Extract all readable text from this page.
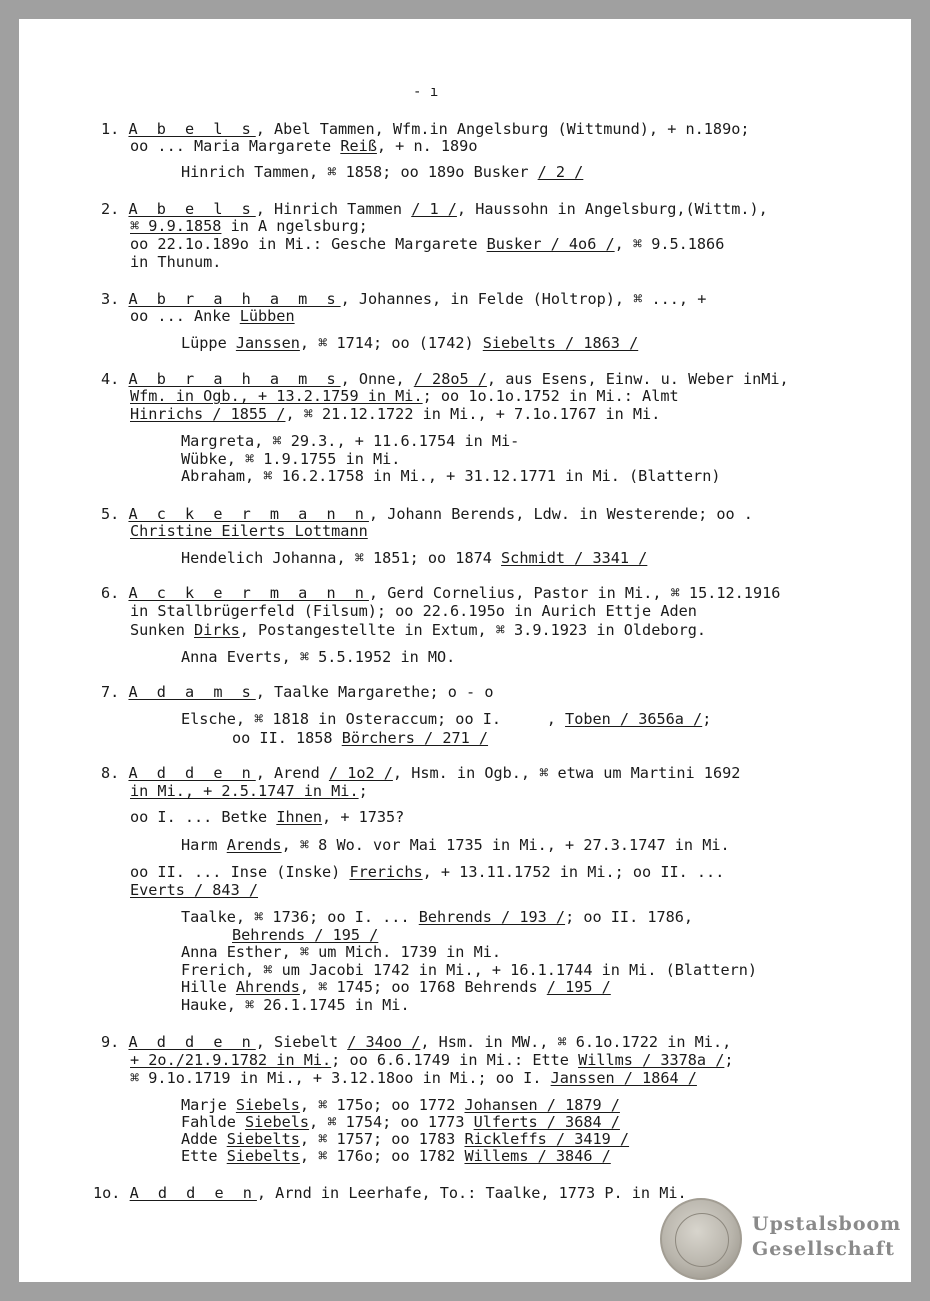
- ı
1. A b e l s, Abel Tammen, Wfm.in Angelsburg (Wittmund), + n.189o;
oo ... Maria Margarete Reiß, + n. 189o
Hinrich Tammen, ⌘ 1858; oo 189o Busker / 2 /
2. A b e l s, Hinrich Tammen / 1 /, Haussohn in Angelsburg,(Wittm.),
⌘ 9.9.1858 in A ngelsburg;
oo 22.1o.189o in Mi.: Gesche Margarete Busker / 4o6 /, ⌘ 9.5.1866
in Thunum.
3. A b r a h a m s, Johannes, in Felde (Holtrop), ⌘ ..., +
oo ... Anke Lübben
Lüppe Janssen, ⌘ 1714; oo (1742) Siebelts / 1863 /
4. A b r a h a m s, Onne, / 28o5 /, aus Esens, Einw. u. Weber inMi,
Wfm. in Ogb., + 13.2.1759 in Mi.; oo 1o.1o.1752 in Mi.: Almt
Hinrichs / 1855 /, ⌘ 21.12.1722 in Mi., + 7.1o.1767 in Mi.
Margreta, ⌘ 29.3., + 11.6.1754 in Mi-
Wübke, ⌘ 1.9.1755 in Mi.
Abraham, ⌘ 16.2.1758 in Mi., + 31.12.1771 in Mi. (Blattern)
5. A c k e r m a n n, Johann Berends, Ldw. in Westerende; oo .
Christine Eilerts Lottmann
Hendelich Johanna, ⌘ 1851; oo 1874 Schmidt / 3341 /
6. A c k e r m a n n, Gerd Cornelius, Pastor in Mi., ⌘ 15.12.1916
in Stallbrügerfeld (Filsum); oo 22.6.195o in Aurich Ettje Aden
Sunken Dirks, Postangestellte in Extum, ⌘ 3.9.1923 in Oldeborg.
Anna Everts, ⌘ 5.5.1952 in MO.
7. A d a m s, Taalke Margarethe; o - o
Elsche, ⌘ 1818 in Osteraccum; oo I.     , Toben / 3656a /;
oo II. 1858 Börchers / 271 /
8. A d d e n, Arend / 1o2 /, Hsm. in Ogb., ⌘ etwa um Martini 1692
in Mi., + 2.5.1747 in Mi.;
oo I. ... Betke Ihnen, + 1735?
Harm Arends, ⌘ 8 Wo. vor Mai 1735 in Mi., + 27.3.1747 in Mi.
oo II. ... Inse (Inske) Frerichs, + 13.11.1752 in Mi.; oo II. ...
Everts / 843 /
Taalke, ⌘ 1736; oo I. ... Behrends / 193 /; oo II. 1786,
Behrends / 195 /
Anna Esther, ⌘ um Mich. 1739 in Mi.
Frerich, ⌘ um Jacobi 1742 in Mi., + 16.1.1744 in Mi. (Blattern)
Hille Ahrends, ⌘ 1745; oo 1768 Behrends / 195 /
Hauke, ⌘ 26.1.1745 in Mi.
9. A d d e n, Siebelt / 34oo /, Hsm. in MW., ⌘ 6.1o.1722 in Mi.,
+ 2o./21.9.1782 in Mi.; oo 6.6.1749 in Mi.: Ette Willms / 3378a /;
⌘ 9.1o.1719 in Mi., + 3.12.18oo in Mi.; oo I. Janssen / 1864 /
Marje Siebels, ⌘ 175o; oo 1772 Johansen / 1879 /
Fahlde Siebels, ⌘ 1754; oo 1773 Ulferts / 3684 /
Adde Siebelts, ⌘ 1757; oo 1783 Rickleffs / 3419 /
Ette Siebelts, ⌘ 176o; oo 1782 Willems / 3846 /
1o. A d d e n, Arnd in Leerhafe, To.: Taalke, 1773 P. in Mi.
Upstalsboom
Gesellschaft
